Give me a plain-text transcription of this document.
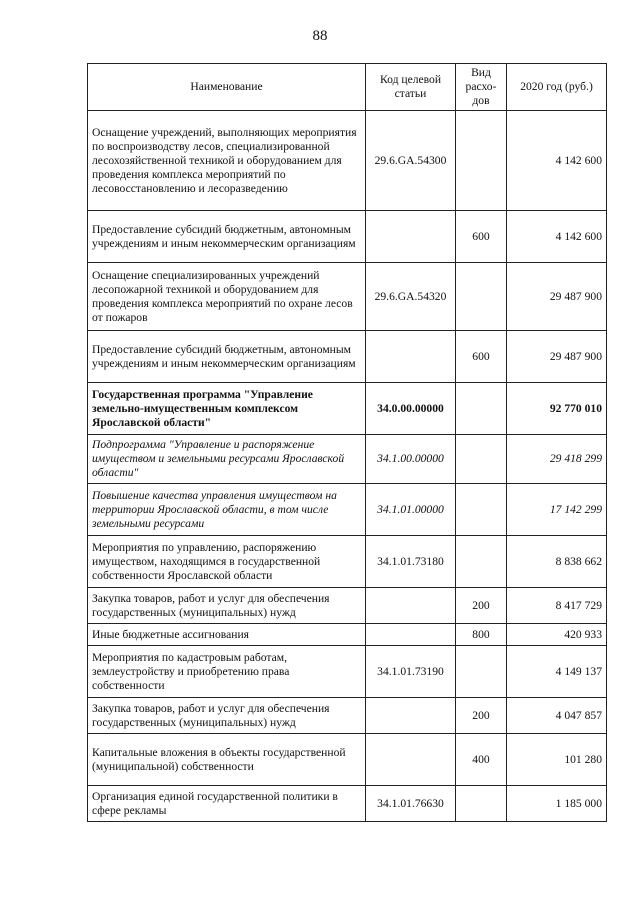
88
Наименование	Код целевой статьи	Вид расхо-дов	2020 год (руб.)
Оснащение учреждений, выполняющих мероприятия по воспроизводству лесов, специализированной лесохозяйственной техникой и оборудованием для проведения комплекса мероприятий по лесовосстановлению и лесоразведению	29.6.GA.54300		4 142 600
Предоставление субсидий бюджетным, автономным учреждениям и иным некоммерческим организациям		600	4 142 600
Оснащение специализированных учреждений лесопожарной техникой и оборудованием для проведения комплекса мероприятий по охране лесов от пожаров	29.6.GA.54320		29 487 900
Предоставление субсидий бюджетным, автономным учреждениям и иным некоммерческим организациям		600	29 487 900
Государственная программа "Управление земельно-имущественным комплексом Ярославской области"	34.0.00.00000		92 770 010
Подпрограмма "Управление и распоряжение имуществом и земельными ресурсами Ярославской области"	34.1.00.00000		29 418 299
Повышение качества управления имуществом на территории Ярославской области, в том числе земельными ресурсами	34.1.01.00000		17 142 299
Мероприятия по управлению, распоряжению имуществом, находящимся в государственной собственности Ярославской области	34.1.01.73180		8 838 662
Закупка товаров, работ и услуг для обеспечения государственных (муниципальных) нужд		200	8 417 729
Иные бюджетные ассигнования		800	420 933
Мероприятия по кадастровым работам, землеустройству и приобретению права собственности	34.1.01.73190		4 149 137
Закупка товаров, работ и услуг для обеспечения государственных (муниципальных) нужд		200	4 047 857
Капитальные вложения в объекты государственной (муниципальной) собственности		400	101 280
Организация единой государственной политики в сфере рекламы	34.1.01.76630		1 185 000
